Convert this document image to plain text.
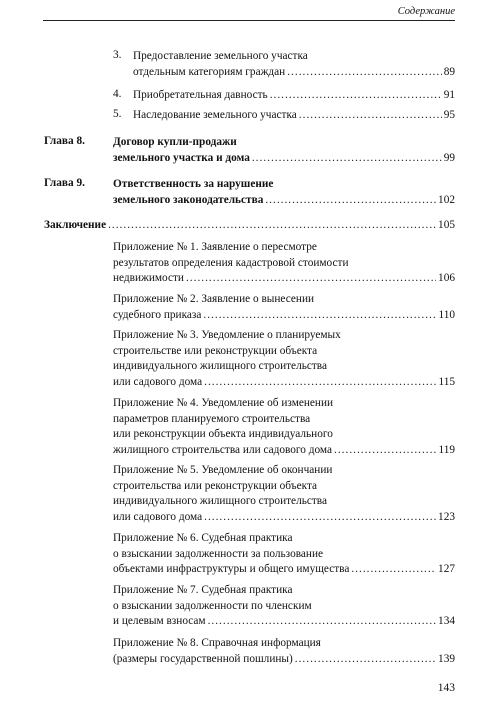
Содержание
3. Предоставление земельного участка
отдельным категориям граждан .....	89
4. Приобретательная давность .....	91
5. Наследование земельного участка .....	95
Глава 8. Договор купли-продажи
земельного участка и дома .....	99
Глава 9. Ответственность за нарушение
земельного законодательства .....	102
Заключение .....	105
Приложение № 1. Заявление о пересмотре
результатов определения кадастровой стоимости
недвижимости .....	106
Приложение № 2. Заявление о вынесении
судебного приказа .....	110
Приложение № 3. Уведомление о планируемых
строительстве или реконструкции объекта
индивидуального жилищного строительства
или садового дома .....	115
Приложение № 4. Уведомление об изменении
параметров планируемого строительства
или реконструкции объекта индивидуального
жилищного строительства или садового дома .....	119
Приложение № 5. Уведомление об окончании
строительства или реконструкции объекта
индивидуального жилищного строительства
или садового дома .....	123
Приложение № 6. Судебная практика
о взыскании задолженности за пользование
объектами инфраструктуры и общего имущества .....	127
Приложение № 7. Судебная практика
о взыскании задолженности по членским
и целевым взносам .....	134
Приложение № 8. Справочная информация
(размеры государственной пошлины) .....	139
143
